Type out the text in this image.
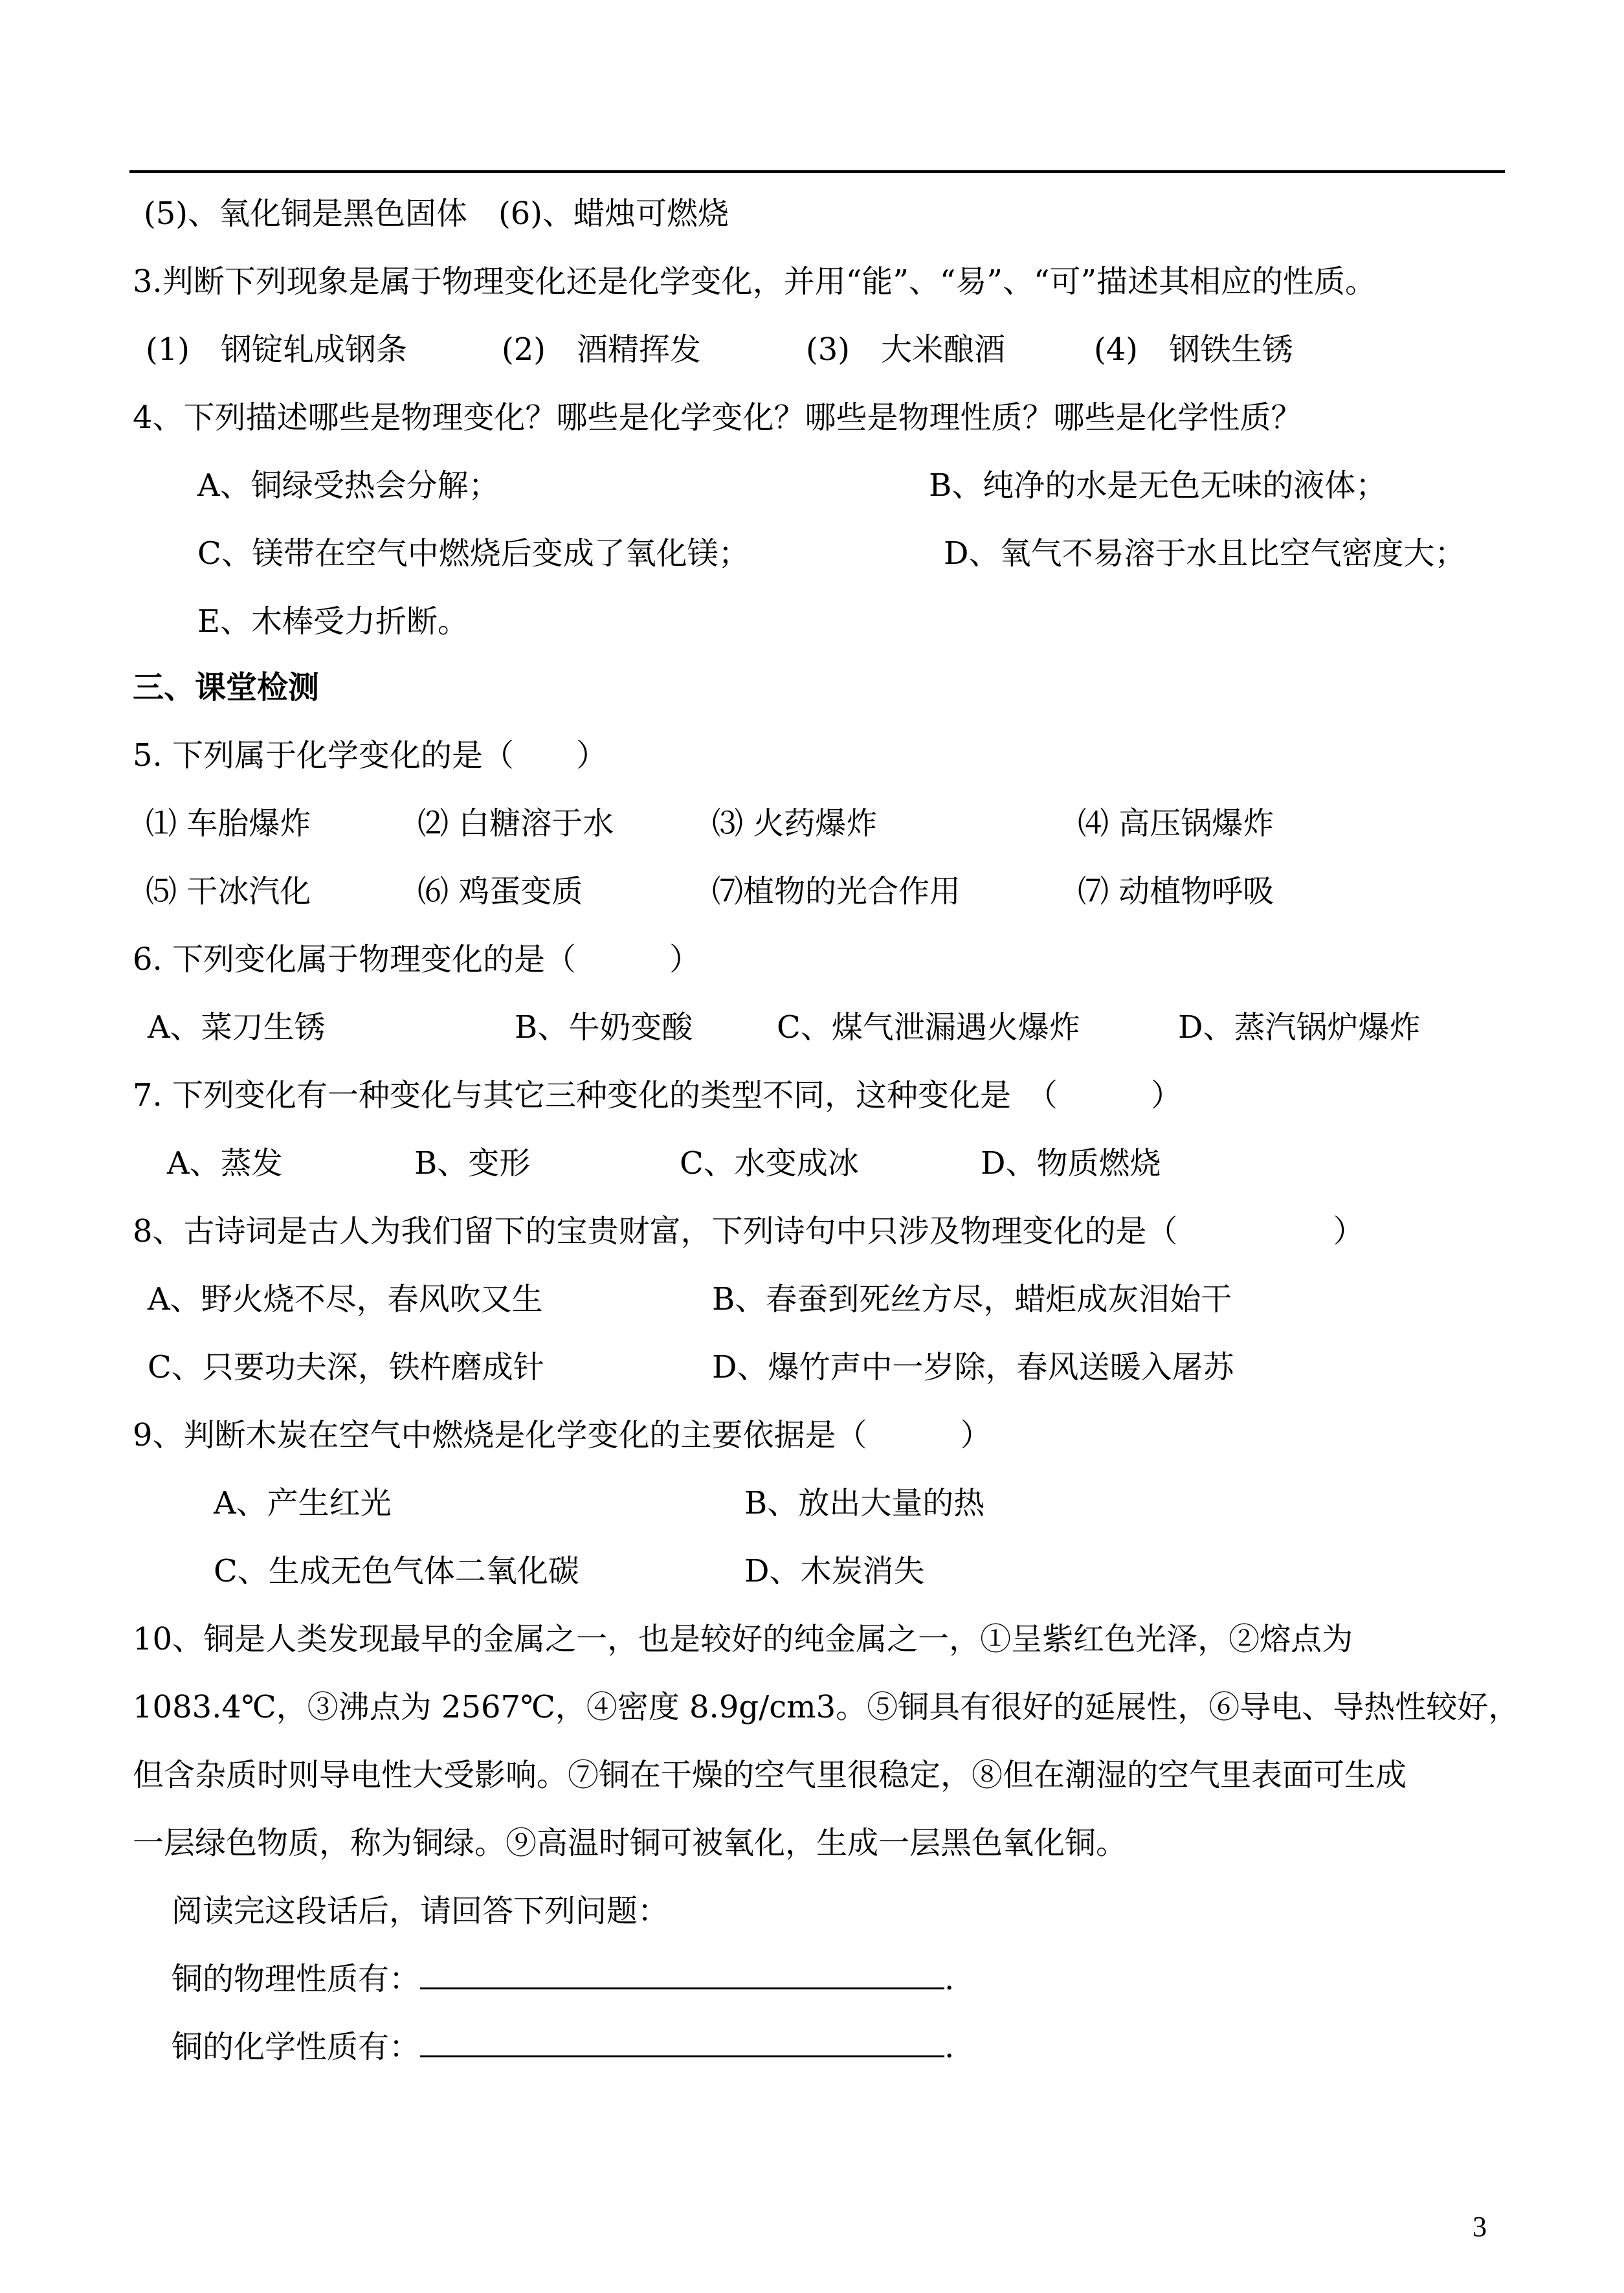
(5)、氧化铜是黑色固体　(6)、蜡烛可燃烧
3.判断下列现象是属于物理变化还是化学变化，并用“能”、“易”、“可”描述其相应的性质。
(1)　钢锭轧成钢条	(2)　酒精挥发	(3)　大米酿酒	(4)　钢铁生锈
4、下列描述哪些是物理变化？哪些是化学变化？哪些是物理性质？哪些是化学性质？
A、铜绿受热会分解；	B、纯净的水是无色无味的液体；
C、镁带在空气中燃烧后变成了氧化镁；	D、氧气不易溶于水且比空气密度大；
E、木棒受力折断。
三、课堂检测
5. 下列属于化学变化的是（　　）
⑴ 车胎爆炸	⑵ 白糖溶于水	⑶ 火药爆炸	⑷ 高压锅爆炸
⑸ 干冰汽化	⑹ 鸡蛋变质	⑺植物的光合作用	⑺ 动植物呼吸
6. 下列变化属于物理变化的是（　　　）
A、菜刀生锈	B、牛奶变酸	C、煤气泄漏遇火爆炸	D、蒸汽锅炉爆炸
7. 下列变化有一种变化与其它三种变化的类型不同，这种变化是　（　　　）
A、蒸发	B、变形	C、水变成冰	D、物质燃烧
8、古诗词是古人为我们留下的宝贵财富，下列诗句中只涉及物理变化的是（　　　　　）
A、野火烧不尽，春风吹又生	B、春蚕到死丝方尽，蜡炬成灰泪始干
C、只要功夫深，铁杵磨成针	D、爆竹声中一岁除，春风送暖入屠苏
9、判断木炭在空气中燃烧是化学变化的主要依据是（　　　）
A、产生红光	B、放出大量的热
C、生成无色气体二氧化碳	D、木炭消失
10、铜是人类发现最早的金属之一，也是较好的纯金属之一，①呈紫红色光泽，②熔点为
1083.4℃，③沸点为 2567℃，④密度 8.9g/cm3。⑤铜具有很好的延展性，⑥导电、导热性较好，
但含杂质时则导电性大受影响。⑦铜在干燥的空气里很稳定，⑧但在潮湿的空气里表面可生成
一层绿色物质，称为铜绿。⑨高温时铜可被氧化，生成一层黑色氧化铜。
阅读完这段话后，请回答下列问题：
铜的物理性质有：	.
铜的化学性质有：	.
3
